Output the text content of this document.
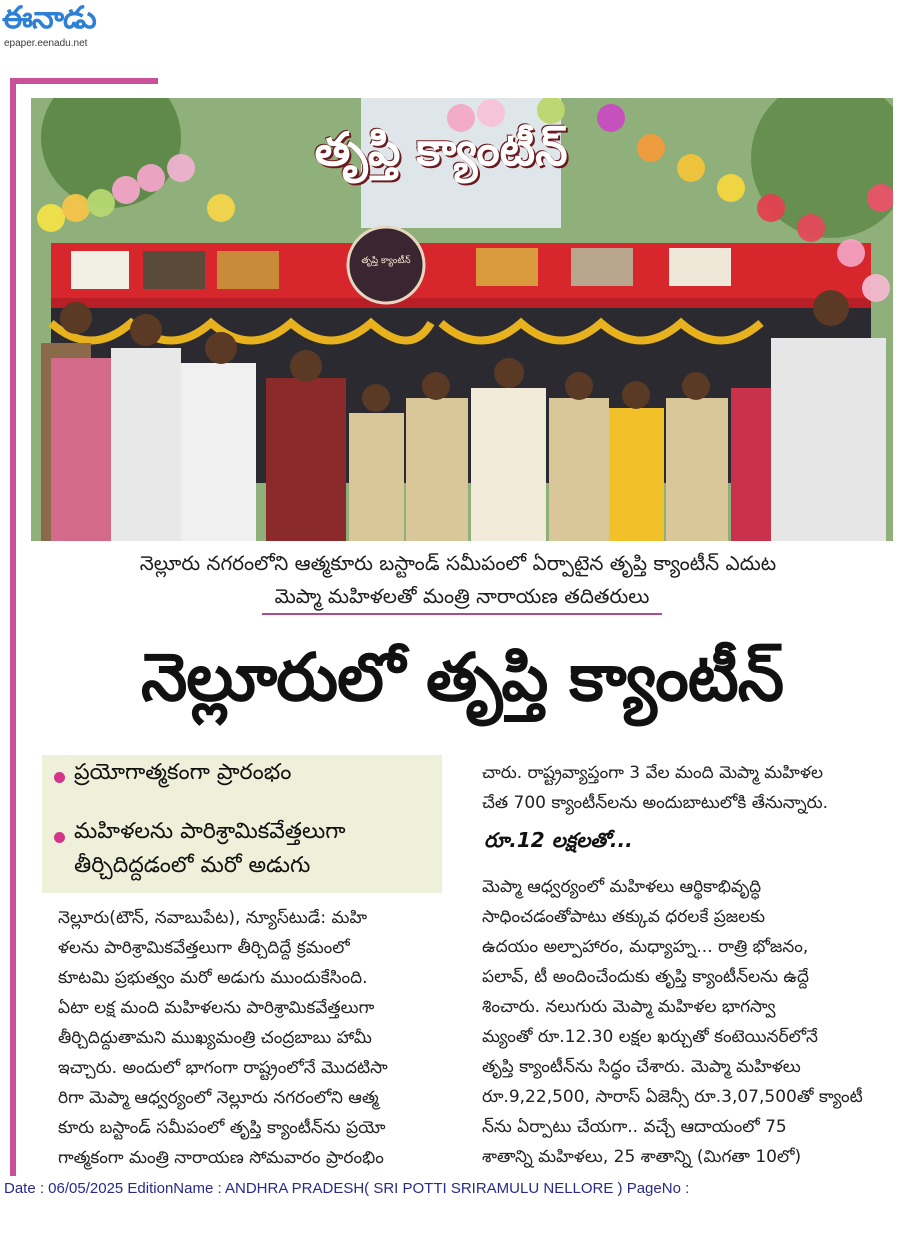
ఈనాడు
epaper.eenadu.net
తృప్తి క్యాంటీన్
తృప్తి క్యాంటీన్
నెల్లూరు నగరంలోని ఆత్మకూరు బస్టాండ్ సమీపంలో ఏర్పాటైన తృప్తి క్యాంటీన్ ఎదుట
మెప్మా మహిళలతో మంత్రి నారాయణ తదితరులు
నెల్లూరులో తృప్తి క్యాంటీన్
ప్రయోగాత్మకంగా ప్రారంభం
మహిళలను పారిశ్రామికవేత్తలుగా
తీర్చిదిద్దడంలో మరో అడుగు
నెల్లూరు(టౌన్, నవాబుపేట), న్యూస్‌టుడే: మహి
ళలను పారిశ్రామికవేత్తలుగా తీర్చిదిద్దే క్రమంలో
కూటమి ప్రభుత్వం మరో అడుగు ముందుకేసింది.
ఏటా లక్ష మంది మహిళలను పారిశ్రామికవేత్తలుగా
తీర్చిదిద్దుతామని ముఖ్యమంత్రి చంద్రబాబు హామీ
ఇచ్చారు. అందులో భాగంగా రాష్ట్రంలోనే మొదటిసా
రిగా మెప్మా ఆధ్వర్యంలో నెల్లూరు నగరంలోని ఆత్మ
కూరు బస్టాండ్ సమీపంలో తృప్తి క్యాంటీన్‌ను ప్రయో
గాత్మకంగా మంత్రి నారాయణ సోమవారం ప్రారంభిం
చారు. రాష్ట్రవ్యాప్తంగా 3 వేల మంది మెప్మా మహిళల
చేత 700 క్యాంటీన్‌లను అందుబాటులోకి తేనున్నారు.
రూ.12 లక్షలతో...
మెప్మా ఆధ్వర్యంలో మహిళలు ఆర్థికాభివృద్ధి
సాధించడంతోపాటు తక్కువ ధరలకే ప్రజలకు
ఉదయం అల్పాహారం, మధ్యాహ్న... రాత్రి భోజనం,
పలావ్, టీ అందించేందుకు తృప్తి క్యాంటీన్‌లను ఉద్దే
శించారు. నలుగురు మెప్మా మహిళల భాగస్వా
మ్యంతో రూ.12.30 లక్షల ఖర్చుతో కంటెయినర్‌లోనే
తృప్తి క్యాంటీన్‌ను సిద్ధం చేశారు. మెప్మా మహిళలు
రూ.9,22,500, సారాస్ ఏజెన్సీ రూ.3,07,500తో క్యాంటీ
న్‌ను ఏర్పాటు చేయగా.. వచ్చే ఆదాయంలో 75
శాతాన్ని మహిళలు, 25 శాతాన్ని (మిగతా 10లో)
Date : 06/05/2025 EditionName : ANDHRA PRADESH( SRI POTTI SRIRAMULU NELLORE ) PageNo :
